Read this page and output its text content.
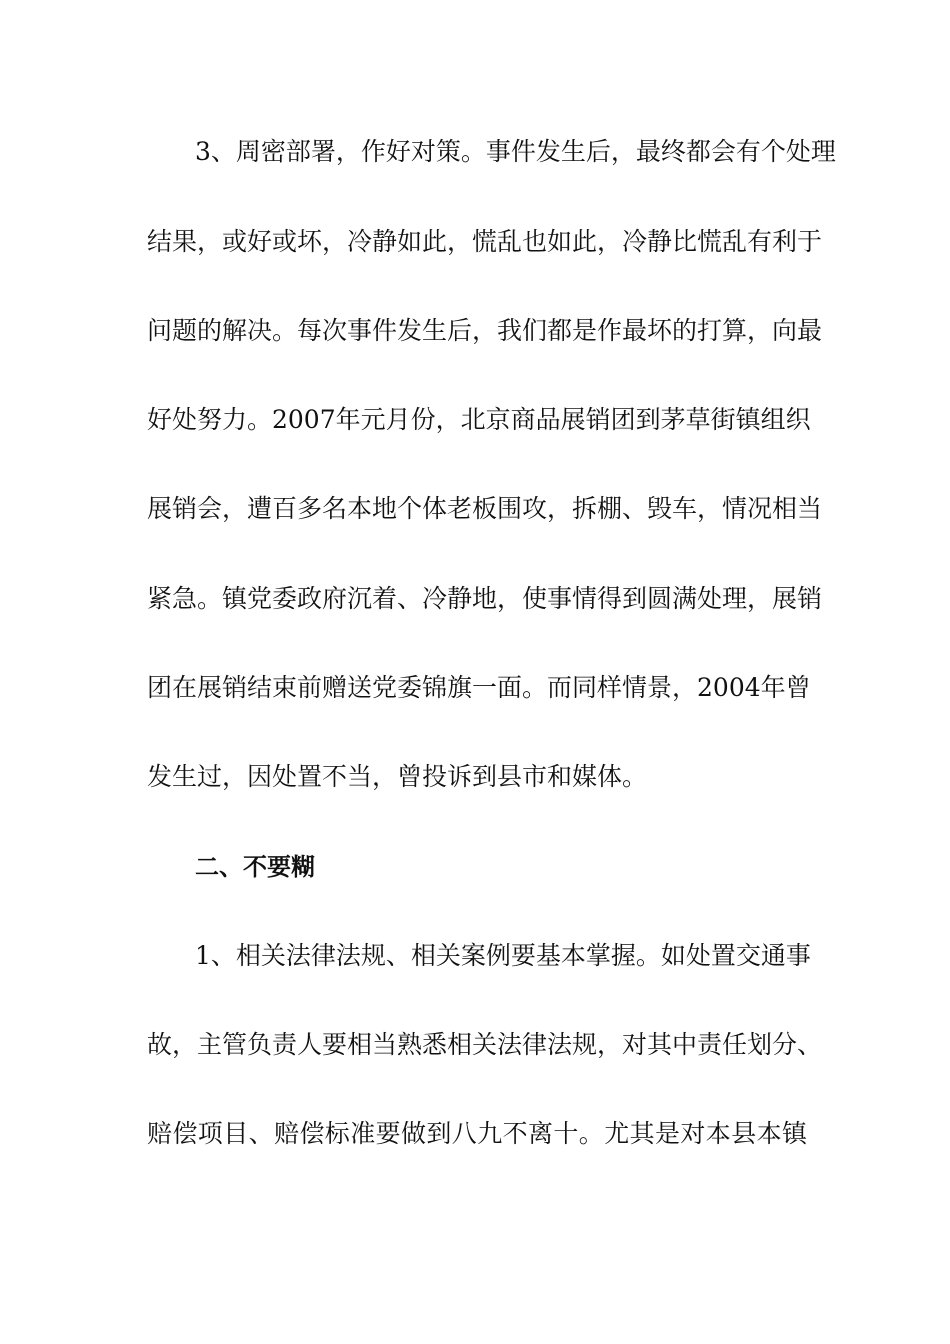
3、周密部署，作好对策。事件发生后，最终都会有个处理
结果，或好或坏，冷静如此，慌乱也如此，冷静比慌乱有利于
问题的解决。每次事件发生后，我们都是作最坏的打算，向最
好处努力。2007年元月份，北京商品展销团到茅草街镇组织
展销会，遭百多名本地个体老板围攻，拆棚、毁车，情况相当
紧急。镇党委政府沉着、冷静地，使事情得到圆满处理，展销
团在展销结束前赠送党委锦旗一面。而同样情景，2004年曾
发生过，因处置不当，曾投诉到县市和媒体。
二、不要糊
1、相关法律法规、相关案例要基本掌握。如处置交通事
故，主管负责人要相当熟悉相关法律法规，对其中责任划分、
赔偿项目、赔偿标准要做到八九不离十。尤其是对本县本镇
